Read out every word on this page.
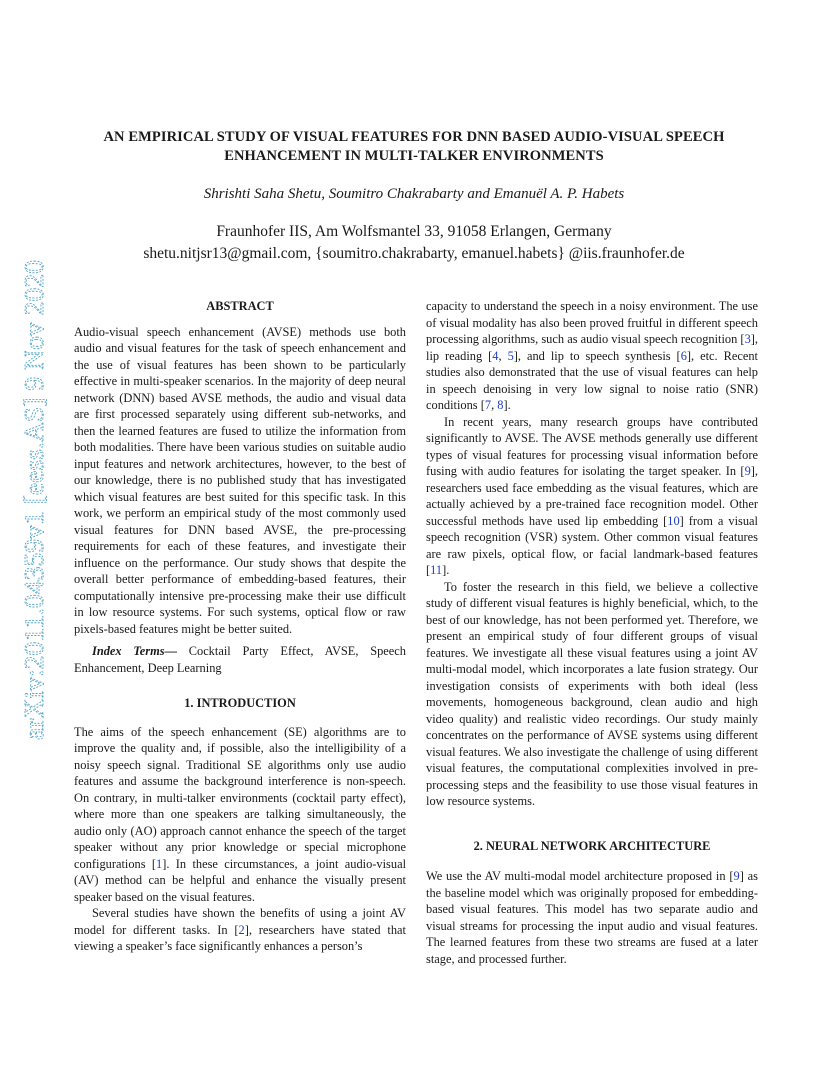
arXiv:2011.04359v1 [eess.AS] 9 Nov 2020
AN EMPIRICAL STUDY OF VISUAL FEATURES FOR DNN BASED AUDIO-VISUAL SPEECH ENHANCEMENT IN MULTI-TALKER ENVIRONMENTS
Shrishti Saha Shetu, Soumitro Chakrabarty and Emanuël A. P. Habets
Fraunhofer IIS, Am Wolfsmantel 33, 91058 Erlangen, Germany
shetu.nitjsr13@gmail.com, {soumitro.chakrabarty, emanuel.habets} @iis.fraunhofer.de

ABSTRACT

Audio-visual speech enhancement (AVSE) methods use both audio and visual features for the task of speech enhancement and the use of visual features has been shown to be particularly effective in multi-speaker scenarios. In the majority of deep neural network (DNN) based AVSE methods, the audio and visual data are first processed separately using different sub-networks, and then the learned features are fused to utilize the information from both modalities. There have been various studies on suitable audio input features and network architectures, however, to the best of our knowledge, there is no published study that has investigated which visual features are best suited for this specific task. In this work, we perform an empirical study of the most commonly used visual features for DNN based AVSE, the pre-processing requirements for each of these features, and investigate their influence on the performance. Our study shows that despite the overall better performance of embedding-based features, their computationally intensive pre-processing make their use difficult in low resource systems. For such systems, optical flow or raw pixels-based features might be better suited.

Index Terms— Cocktail Party Effect, AVSE, Speech Enhancement, Deep Learning

1. INTRODUCTION

The aims of the speech enhancement (SE) algorithms are to improve the quality and, if possible, also the intelligibility of a noisy speech signal. Traditional SE algorithms only use audio features and assume the background interference is non-speech. On contrary, in multi-talker environments (cocktail party effect), where more than one speakers are talking simultaneously, the audio only (AO) approach cannot enhance the speech of the target speaker without any prior knowledge or special microphone configurations [1]. In these circumstances, a joint audio-visual (AV) method can be helpful and enhance the visually present speaker based on the visual features.

Several studies have shown the benefits of using a joint AV model for different tasks. In [2], researchers have stated that viewing a speaker’s face significantly enhances a person’s

capacity to understand the speech in a noisy environment. The use of visual modality has also been proved fruitful in different speech processing algorithms, such as audio visual speech recognition [3], lip reading [4, 5], and lip to speech synthesis [6], etc. Recent studies also demonstrated that the use of visual features can help in speech denoising in very low signal to noise ratio (SNR) conditions [7, 8].

In recent years, many research groups have contributed significantly to AVSE. The AVSE methods generally use different types of visual features for processing visual information before fusing with audio features for isolating the target speaker. In [9], researchers used face embedding as the visual features, which are actually achieved by a pre-trained face recognition model. Other successful methods have used lip embedding [10] from a visual speech recognition (VSR) system. Other common visual features are raw pixels, optical flow, or facial landmark-based features [11].

To foster the research in this field, we believe a collective study of different visual features is highly beneficial, which, to the best of our knowledge, has not been performed yet. Therefore, we present an empirical study of four different groups of visual features. We investigate all these visual features using a joint AV multi-modal model, which incorporates a late fusion strategy. Our investigation consists of experiments with both ideal (less movements, homogeneous background, clean audio and high video quality) and realistic video recordings. Our study mainly concentrates on the performance of AVSE systems using different visual features. We also investigate the challenge of using different visual features, the computational complexities involved in pre-processing steps and the feasibility to use those visual features in low resource systems.

2. NEURAL NETWORK ARCHITECTURE

We use the AV multi-modal model architecture proposed in [9] as the baseline model which was originally proposed for embedding-based visual features. This model has two separate audio and visual streams for processing the input audio and visual features. The learned features from these two streams are fused at a later stage, and processed further.
